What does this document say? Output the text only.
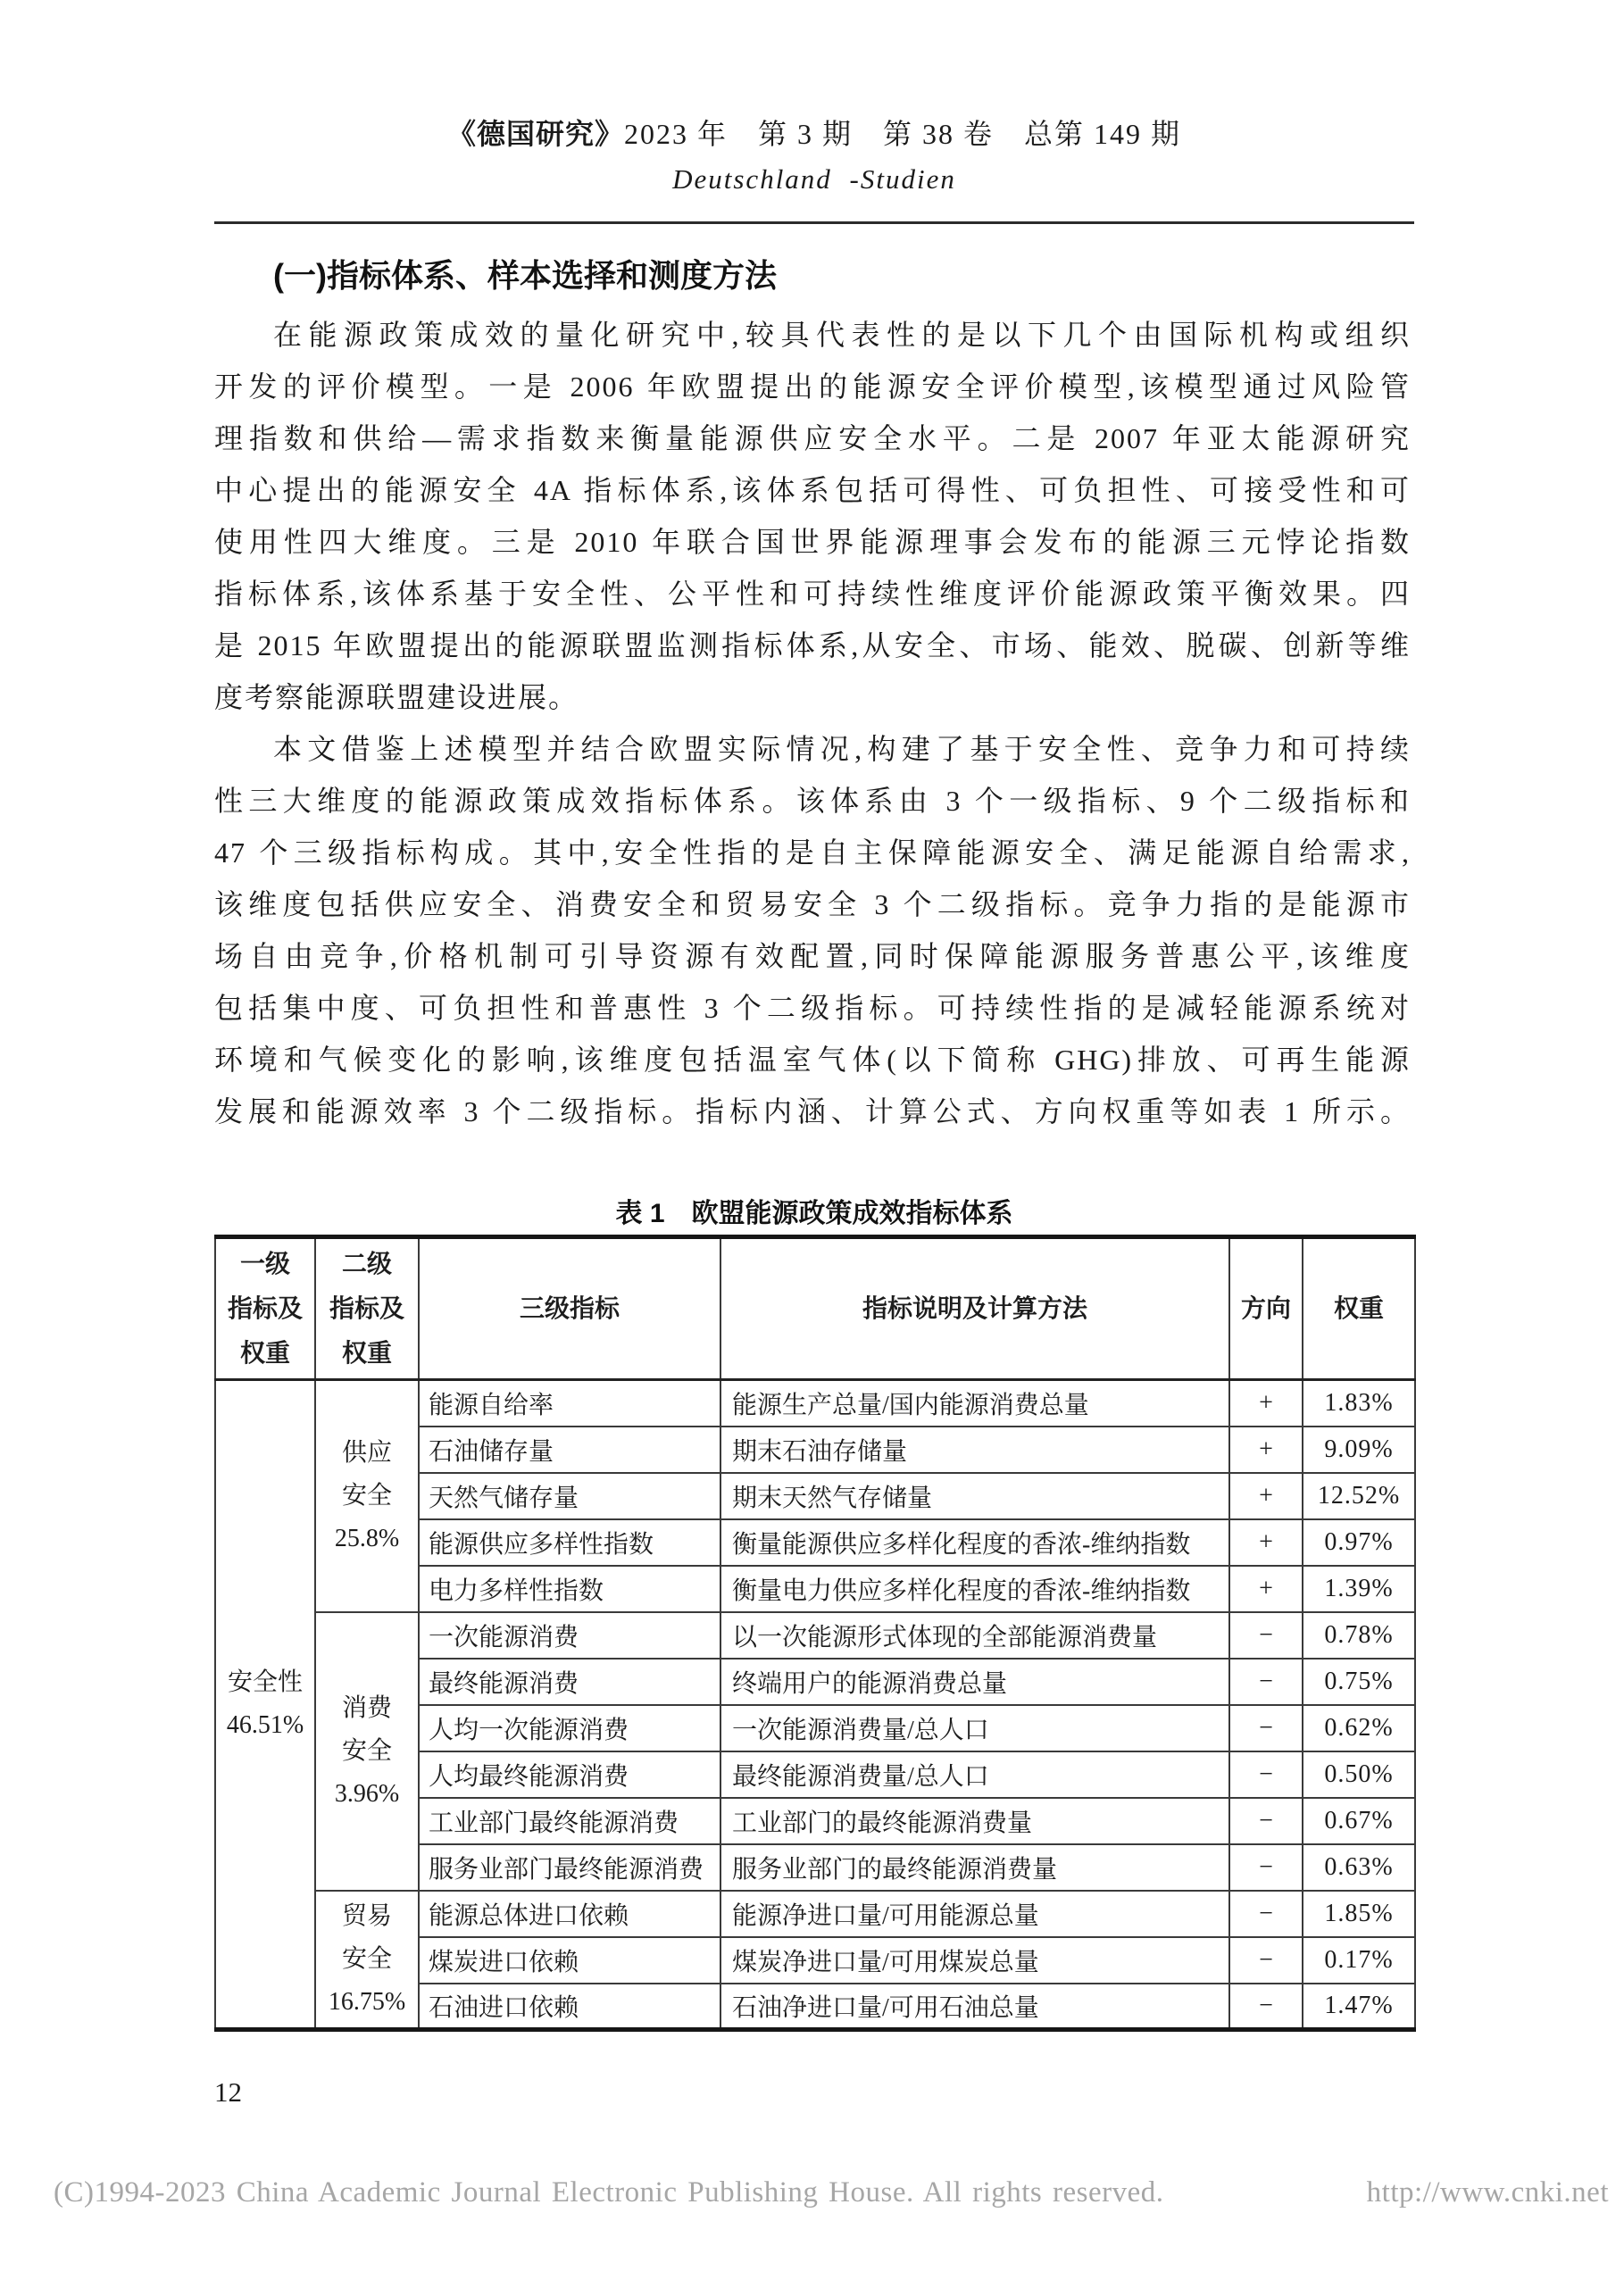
《德国研究》2023 年　第 3 期　第 38 卷　总第 149 期
Deutschland -Studien
(一)指标体系、样本选择和测度方法
在能源政策成效的量化研究中,较具代表性的是以下几个由国际机构或组织
开发的评价模型。一是 2006 年欧盟提出的能源安全评价模型,该模型通过风险管
理指数和供给—需求指数来衡量能源供应安全水平。二是 2007 年亚太能源研究
中心提出的能源安全 4A 指标体系,该体系包括可得性、可负担性、可接受性和可
使用性四大维度。三是 2010 年联合国世界能源理事会发布的能源三元悖论指数
指标体系,该体系基于安全性、公平性和可持续性维度评价能源政策平衡效果。四
是 2015 年欧盟提出的能源联盟监测指标体系,从安全、市场、能效、脱碳、创新等维
度考察能源联盟建设进展。
本文借鉴上述模型并结合欧盟实际情况,构建了基于安全性、竞争力和可持续
性三大维度的能源政策成效指标体系。该体系由 3 个一级指标、9 个二级指标和
47 个三级指标构成。其中,安全性指的是自主保障能源安全、满足能源自给需求,
该维度包括供应安全、消费安全和贸易安全 3 个二级指标。竞争力指的是能源市
场自由竞争,价格机制可引导资源有效配置,同时保障能源服务普惠公平,该维度
包括集中度、可负担性和普惠性 3 个二级指标。可持续性指的是减轻能源系统对
环境和气候变化的影响,该维度包括温室气体(以下简称 GHG)排放、可再生能源
发展和能源效率 3 个二级指标。指标内涵、计算公式、方向权重等如表 1 所示。
表 1　欧盟能源政策成效指标体系
一级
指标及
权重	二级
指标及
权重	三级指标	指标说明及计算方法	方向	权重

安全性
46.51%	供应
安全
25.8%	能源自给率	能源生产总量/国内能源消费总量	+	1.83%
		石油储存量	期末石油存储量	+	9.09%
		天然气储存量	期末天然气存储量	+	12.52%
		能源供应多样性指数	衡量能源供应多样化程度的香浓-维纳指数	+	0.97%
		电力多样性指数	衡量电力供应多样化程度的香浓-维纳指数	+	1.39%

	消费
安全
3.96%	一次能源消费	以一次能源形式体现的全部能源消费量	−	0.78%
		最终能源消费	终端用户的能源消费总量	−	0.75%
		人均一次能源消费	一次能源消费量/总人口	−	0.62%
		人均最终能源消费	最终能源消费量/总人口	−	0.50%
		工业部门最终能源消费	工业部门的最终能源消费量	−	0.67%
		服务业部门最终能源消费	服务业部门的最终能源消费量	−	0.63%

	贸易
安全
16.75%	能源总体进口依赖	能源净进口量/可用能源总量	−	1.85%
		煤炭进口依赖	煤炭净进口量/可用煤炭总量	−	0.17%
		石油进口依赖	石油净进口量/可用石油总量	−	1.47%
12
(C)1994-2023 China Academic Journal Electronic Publishing House. All rights reserved.	http://www.cnki.net
